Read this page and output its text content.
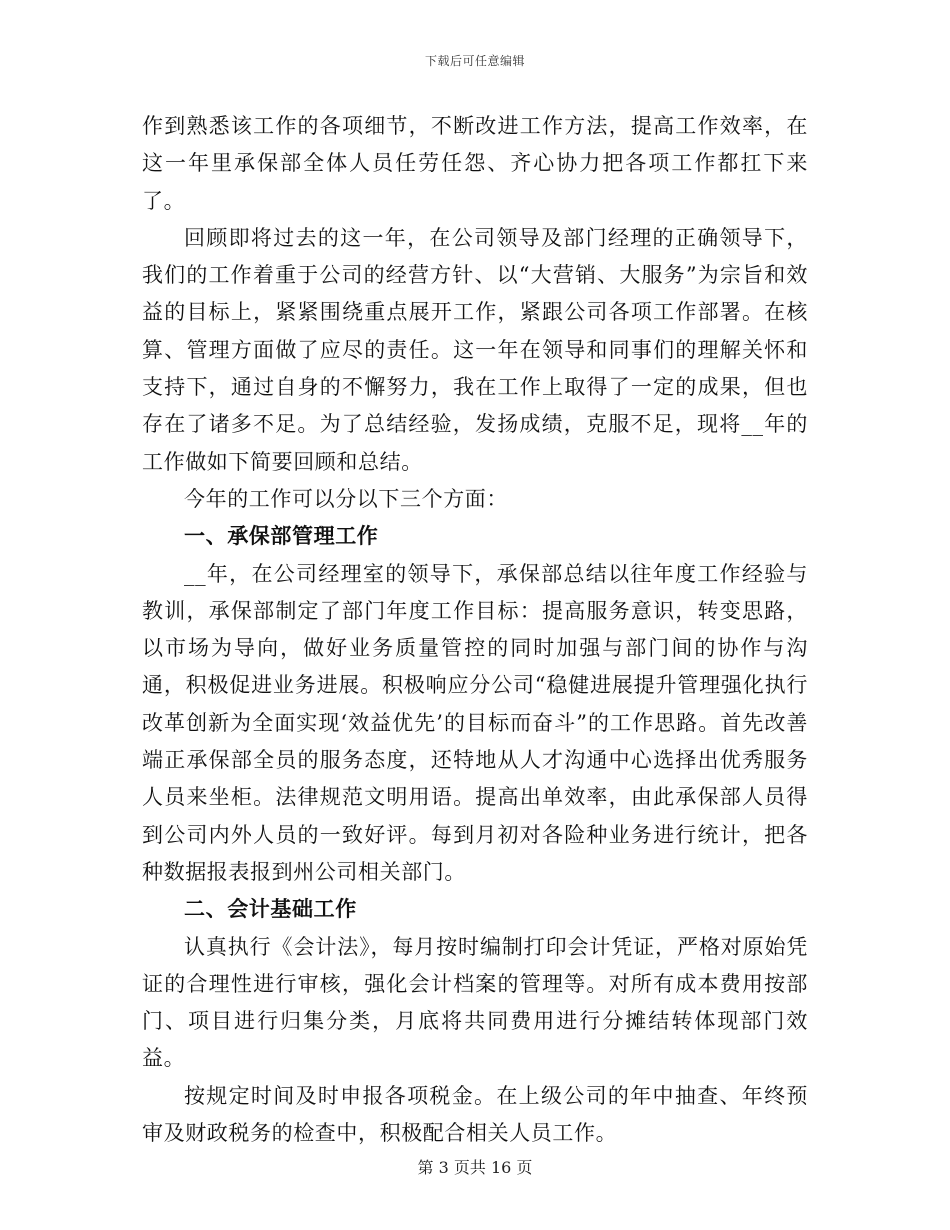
下载后可任意编辑

作到熟悉该工作的各项细节，不断改进工作方法，提高工作效率，在这一年里承保部全体人员任劳任怨、齐心协力把各项工作都扛下来了。

回顾即将过去的这一年，在公司领导及部门经理的正确领导下，我们的工作着重于公司的经营方针、以“大营销、大服务”为宗旨和效益的目标上，紧紧围绕重点展开工作，紧跟公司各项工作部署。在核算、管理方面做了应尽的责任。这一年在领导和同事们的理解关怀和支持下，通过自身的不懈努力，我在工作上取得了一定的成果，但也存在了诸多不足。为了总结经验，发扬成绩，克服不足，现将__年的工作做如下简要回顾和总结。

今年的工作可以分以下三个方面：

一、承保部管理工作

__年，在公司经理室的领导下，承保部总结以往年度工作经验与教训，承保部制定了部门年度工作目标：提高服务意识，转变思路，以市场为导向，做好业务质量管控的同时加强与部门间的协作与沟通，积极促进业务进展。积极响应分公司“稳健进展提升管理强化执行改革创新为全面实现‘效益优先’的目标而奋斗”的工作思路。首先改善端正承保部全员的服务态度，还特地从人才沟通中心选择出优秀服务人员来坐柜。法律规范文明用语。提高出单效率，由此承保部人员得到公司内外人员的一致好评。每到月初对各险种业务进行统计，把各种数据报表报到州公司相关部门。

二、会计基础工作

认真执行《会计法》，每月按时编制打印会计凭证，严格对原始凭证的合理性进行审核，强化会计档案的管理等。对所有成本费用按部门、项目进行归集分类，月底将共同费用进行分摊结转体现部门效益。

按规定时间及时申报各项税金。在上级公司的年中抽查、年终预审及财政税务的检查中，积极配合相关人员工作。

第 3 页共 16 页
